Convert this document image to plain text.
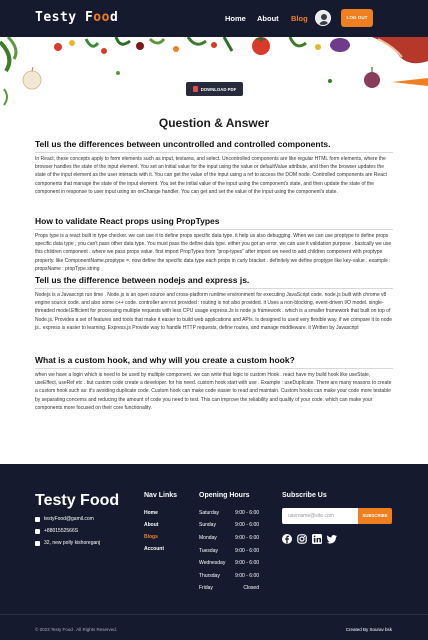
Testy Food	Home About Blog	LOG OUT
DOWNLOAD PDF
Question & Answer
Tell us the differences between uncontrolled and controlled components.

In React, these concepts apply to form elements such as input, textarea, and select. Uncontrolled components are like regular HTML form elements, where the browser handles the state of the input element. You set an initial value for the input using the value or defaultValue attribute, and then the browser updates the state of the input element as the user interacts with it. You can get the value of the input using a ref to access the DOM node. Controlled components are React components that manage the state of the input element. You set the initial value of the input using the component's state, and then update the state of the component in response to user input using an onChange handler. You can get and set the value of the input using the component's state.

How to validate React props using PropTypes

Props type is a react built in type checker. we can use it to define props specific data type. it help us also debugging. When we can use proptype to define props specific data type , you can't pass other data type. You must pass the define data type. either you got an error. we can use it validation purpose . basically we use this children component . where we pass props value. first import PropTypes from "prop-types" after import we need to add children component with proptype property. like ComponentName.proptype =. now define the specific data type each props in curly bracket . definitely we define proptype like key-value . example : propsName : propType.string

Tell us the difference between nodejs and express js.

Nodejs is a Javascript run time . Node.js is an open source and cross-platform runtime environment for executing JavaScript code. node.js built with chrome v8 engine source code. and also some c++ code. controller are not provided : routing is not also provided. it Uses a non-blocking, event-driven I/O model. single-threaded model.Efficient for processing multiple requests with less CPU usage express.Js is node js framework . which is a smaller framework that built on top of Node.js. Provides a set of features and tools that make it easier to build web applications and APIs. is designed to used very flexible way. if we compare it to node js.. express is easier to learning. Express.js Provide way to handle HTTP requests, define routes, and manage middleware. it Written by Javascript

What is a custom hook, and why will you create a custom hook?

when we have a login which is need to be used by multiple component. we can write that logic to custom Hook . react have my build hook like useState, useEffect, useRef etc . but custom code create a developer. for his need. custom hook start with use . Example : useDuplicate. There are many reasons to create a custom hook such as: it's avoiding duplicate code. Custom hook can make code easier to read and maintain. Custom hooks can make your code more testable by separating concerns and reducing the amount of code you need to test. This can improve the reliability and quality of your code. which can make your components more focused on their core functionality.

Testy Food
testyFood@gamil.com
+8801552566S
32, new polly kishoreganj
Nav Links
Home
About
Blogs
Account
Opening Hours
Saturday	9:00 - 6:00
Sunday	9:00 - 6:00
Monday	9:00 - 6:00
Tuesday	9:00 - 6:00
Wednesday 9:00 - 6:00
Thursday	9:00 - 6:00
Friday	Closed
Subscribe Us
username@site.com	SUBSCRIBE
© 2023 Testy Food . All Rights Reserved.	Created By Sourav bsk
